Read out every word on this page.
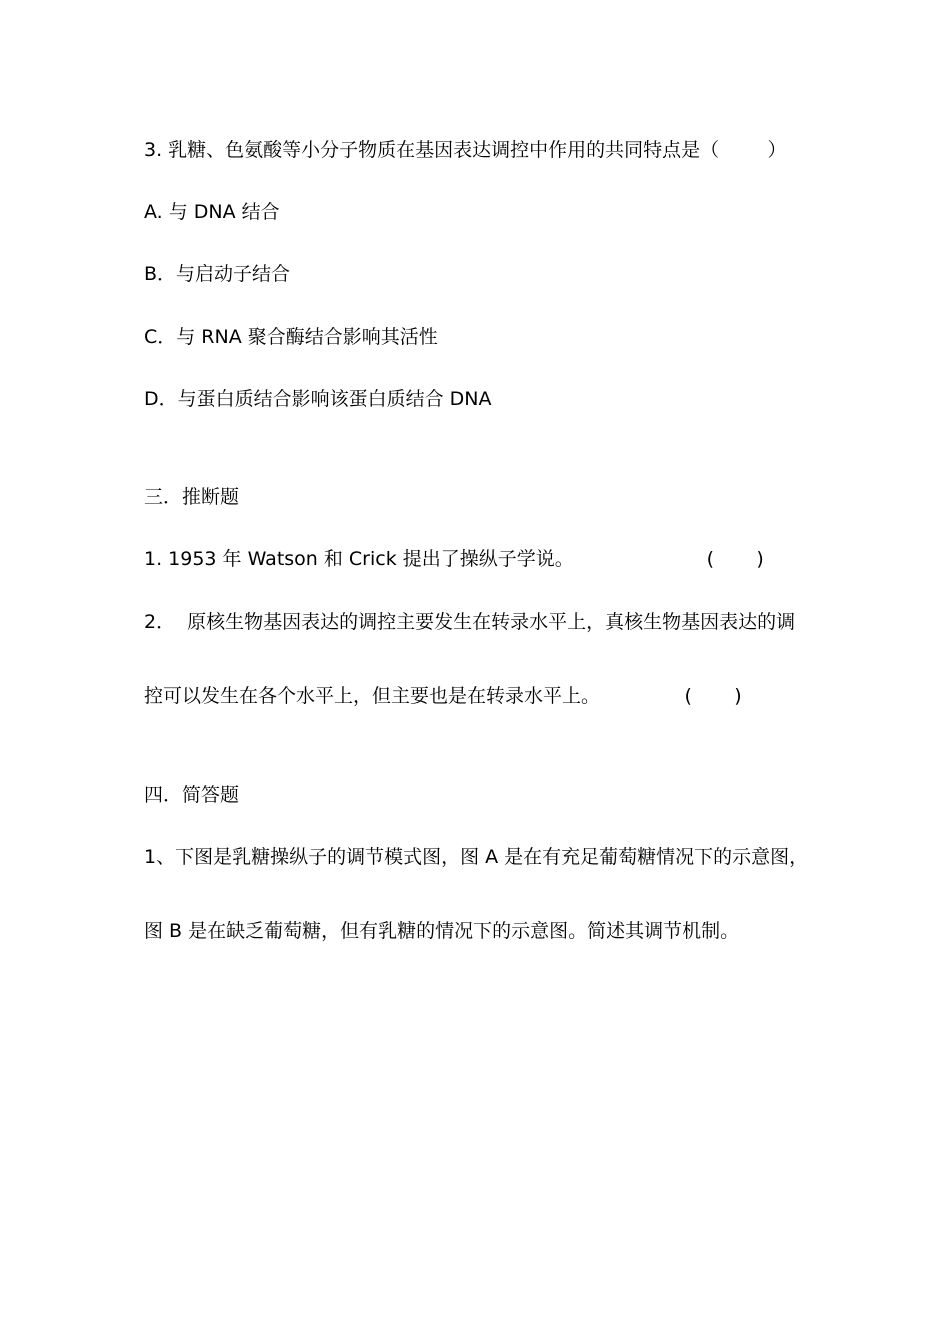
3. 乳糖、色氨酸等小分子物质在基因表达调控中作用的共同特点是（        ）

A. 与 DNA 结合

B．与启动子结合

C．与 RNA 聚合酶结合影响其活性

D．与蛋白质结合影响该蛋白质结合 DNA

三．推断题

1. 1953 年 Watson 和 Crick 提出了操纵子学说。                      (       )

2．  原核生物基因表达的调控主要发生在转录水平上，真核生物基因表达的调

控可以发生在各个水平上，但主要也是在转录水平上。              (       )

四．简答题

1、下图是乳糖操纵子的调节模式图，图 A 是在有充足葡萄糖情况下的示意图，

图 B 是在缺乏葡萄糖，但有乳糖的情况下的示意图。简述其调节机制。
